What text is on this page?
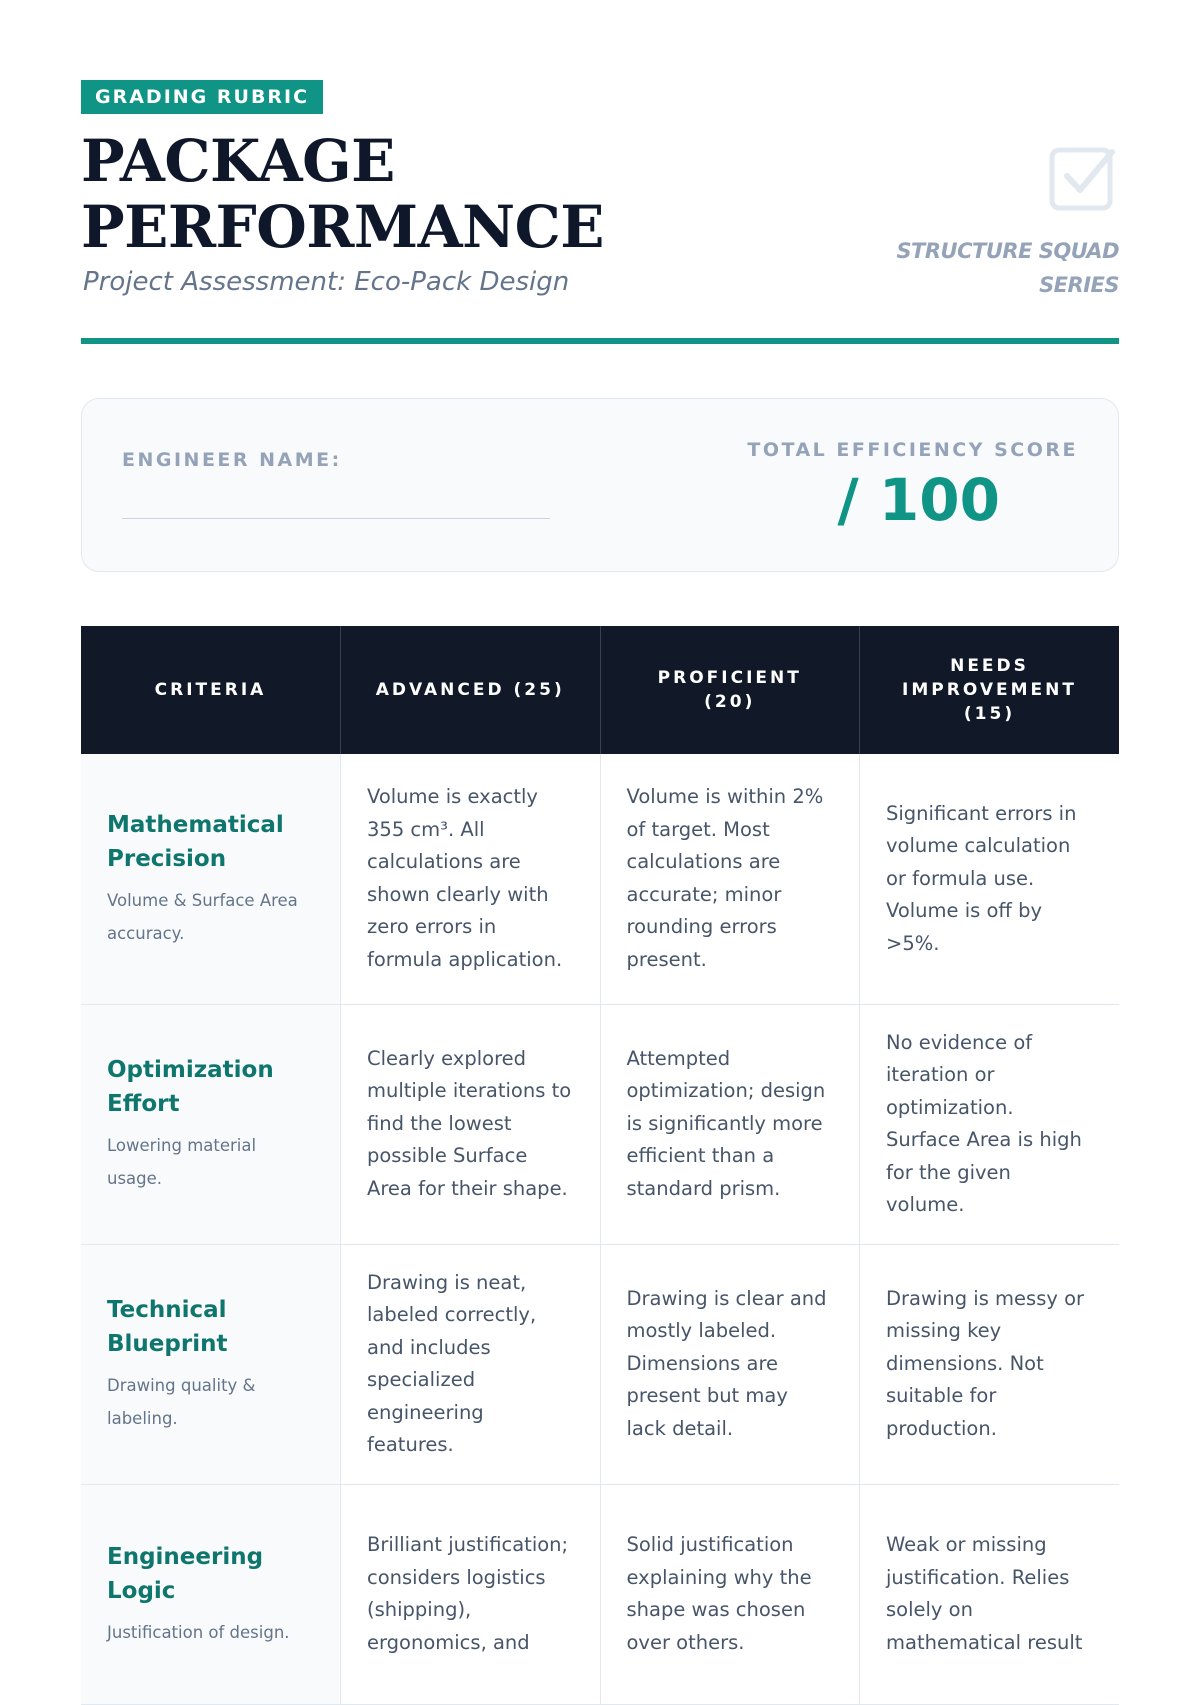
GRADING RUBRIC
PACKAGE PERFORMANCE
Project Assessment: Eco-Pack Design
STRUCTURE SQUAD SERIES
ENGINEER NAME:	TOTAL EFFICIENCY SCORE
/ 100
CRITERIA	ADVANCED (25)	PROFICIENT (20)	NEEDS IMPROVEMENT (15)

Mathematical Precision
Volume & Surface Area accuracy.	Volume is exactly 355 cm³. All calculations are shown clearly with zero errors in formula application.	Volume is within 2% of target. Most calculations are accurate; minor rounding errors present.	Significant errors in volume calculation or formula use. Volume is off by >5%.

Optimization Effort
Lowering material usage.	Clearly explored multiple iterations to find the lowest possible Surface Area for their shape.	Attempted optimization; design is significantly more efficient than a standard prism.	No evidence of iteration or optimization. Surface Area is high for the given volume.

Technical Blueprint
Drawing quality & labeling.	Drawing is neat, labeled correctly, and includes specialized engineering features.	Drawing is clear and mostly labeled. Dimensions are present but may lack detail.	Drawing is messy or missing key dimensions. Not suitable for production.

Engineering Logic
Justification of design.	Brilliant justification; considers logistics (shipping), ergonomics, and	Solid justification explaining why the shape was chosen over others.	Weak or missing justification. Relies solely on mathematical result
